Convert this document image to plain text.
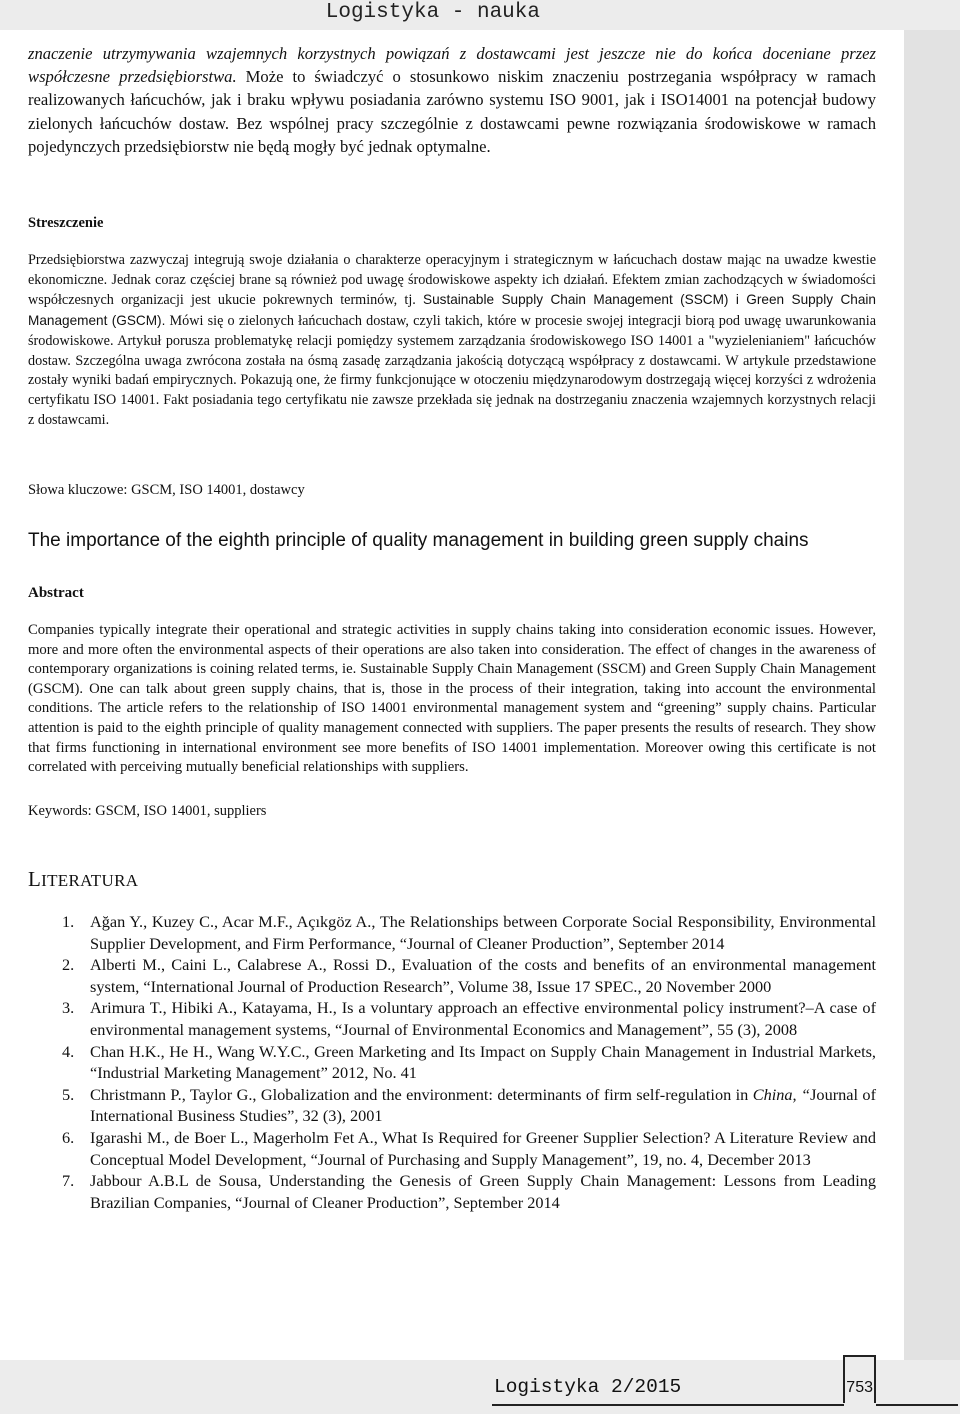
Logistyka - nauka

znaczenie utrzymywania wzajemnych korzystnych powiązań z dostawcami jest jeszcze nie do końca doceniane przez współczesne przedsiębiorstwa. Może to świadczyć o stosunkowo niskim znaczeniu postrzegania współpracy w ramach realizowanych łańcuchów, jak i braku wpływu posiadania zarówno systemu ISO 9001, jak i ISO14001 na potencjał budowy zielonych łańcuchów dostaw. Bez wspólnej pracy szczególnie z dostawcami pewne rozwiązania środowiskowe w ramach pojedynczych przedsiębiorstw nie będą mogły być jednak optymalne.

Streszczenie

Przedsiębiorstwa zazwyczaj integrują swoje działania o charakterze operacyjnym i strategicznym w łańcuchach dostaw mając na uwadze kwestie ekonomiczne. Jednak coraz częściej brane są również pod uwagę środowiskowe aspekty ich działań. Efektem zmian zachodzących w świadomości współczesnych organizacji jest ukucie pokrewnych terminów, tj. Sustainable Supply Chain Management (SSCM) i Green Supply Chain Management (GSCM). Mówi się o zielonych łańcuchach dostaw, czyli takich, które w procesie swojej integracji biorą pod uwagę uwarunkowania środowiskowe. Artykuł porusza problematykę relacji pomiędzy systemem zarządzania środowiskowego ISO 14001 a "wyzielenianiem" łańcuchów dostaw. Szczególna uwaga zwrócona została na ósmą zasadę zarządzania jakością dotyczącą współpracy z dostawcami. W artykule przedstawione zostały wyniki badań empirycznych. Pokazują one, że firmy funkcjonujące w otoczeniu międzynarodowym dostrzegają więcej korzyści z wdrożenia certyfikatu ISO 14001. Fakt posiadania tego certyfikatu nie zawsze przekłada się jednak na dostrzeganiu znaczenia wzajemnych korzystnych relacji z dostawcami.

Słowa kluczowe: GSCM, ISO 14001, dostawcy

The importance of the eighth principle of quality management in building green supply chains
Abstract

Companies typically integrate their operational and strategic activities in supply chains taking into consideration economic issues. However, more and more often the environmental aspects of their operations are also taken into consideration. The effect of changes in the awareness of contemporary organizations is coining related terms, ie. Sustainable Supply Chain Management (SSCM) and Green Supply Chain Management (GSCM). One can talk about green supply chains, that is, those in the process of their integration, taking into account the environmental conditions. The article refers to the relationship of ISO 14001 environmental management system and “greening” supply chains. Particular attention is paid to the eighth principle of quality management connected with suppliers. The paper presents the results of research. They show that firms functioning in international environment see more benefits of ISO 14001 implementation. Moreover owing this certificate is not correlated with perceiving mutually beneficial relationships with suppliers.

Keywords: GSCM, ISO 14001, suppliers

LITERATURA
1. Ağan Y., Kuzey C., Acar M.F., Açıkgöz A., The Relationships between Corporate Social Responsibility, Environmental Supplier Development, and Firm Performance, “Journal of Cleaner Production”, September 2014
2. Alberti M., Caini L., Calabrese A., Rossi D., Evaluation of the costs and benefits of an environmental management system, “International Journal of Production Research”, Volume 38, Issue 17 SPEC., 20 November 2000
3. Arimura T., Hibiki A., Katayama, H., Is a voluntary approach an effective environmental policy instrument?–A case of environmental management systems, “Journal of Environmental Economics and Management”, 55 (3), 2008
4. Chan H.K., He H., Wang W.Y.C., Green Marketing and Its Impact on Supply Chain Management in Industrial Markets, “Industrial Marketing Management” 2012, No. 41
5. Christmann P., Taylor G., Globalization and the environment: determinants of firm self-regulation in China, “Journal of International Business Studies”, 32 (3), 2001
6. Igarashi M., de Boer L., Magerholm Fet A., What Is Required for Greener Supplier Selection? A Literature Review and Conceptual Model Development, “Journal of Purchasing and Supply Management”, 19, no. 4, December 2013
7. Jabbour A.B.L de Sousa, Understanding the Genesis of Green Supply Chain Management: Lessons from Leading Brazilian Companies, “Journal of Cleaner Production”, September 2014
Logistyka 2/2015	753
